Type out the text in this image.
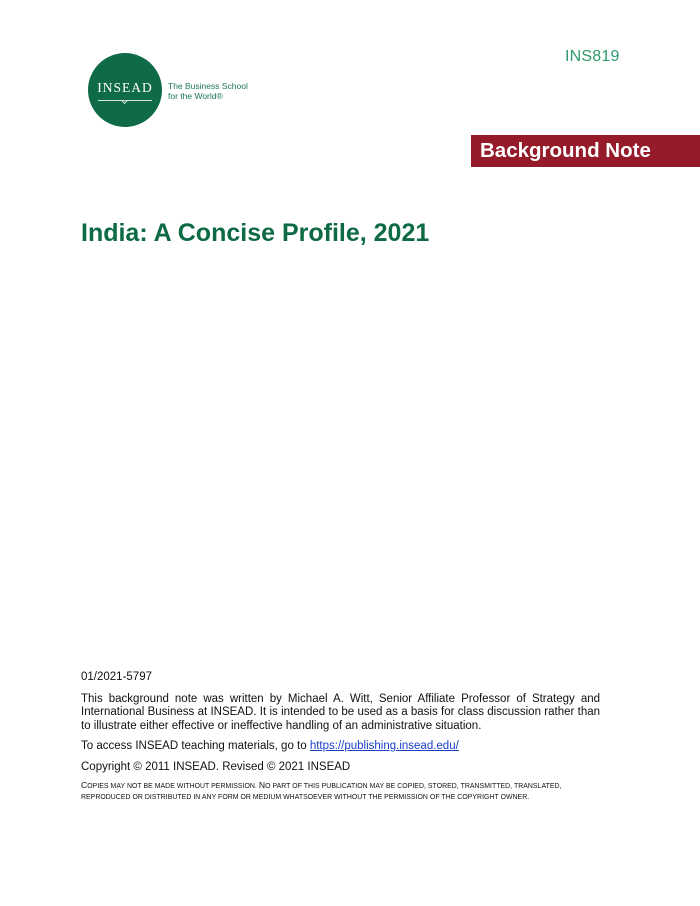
INS819
INSEAD The Business School
for the World®
Background Note
India: A Concise Profile, 2021

01/2021-5797

This background note was written by Michael A. Witt, Senior Affiliate Professor of Strategy and International Business at INSEAD. It is intended to be used as a basis for class discussion rather than to illustrate either effective or ineffective handling of an administrative situation.

To access INSEAD teaching materials, go to https://publishing.insead.edu/

Copyright © 2011 INSEAD. Revised © 2021 INSEAD

COPIES MAY NOT BE MADE WITHOUT PERMISSION. NO PART OF THIS PUBLICATION MAY BE COPIED, STORED, TRANSMITTED, TRANSLATED, REPRODUCED OR DISTRIBUTED IN ANY FORM OR MEDIUM WHATSOEVER WITHOUT THE PERMISSION OF THE COPYRIGHT OWNER.
